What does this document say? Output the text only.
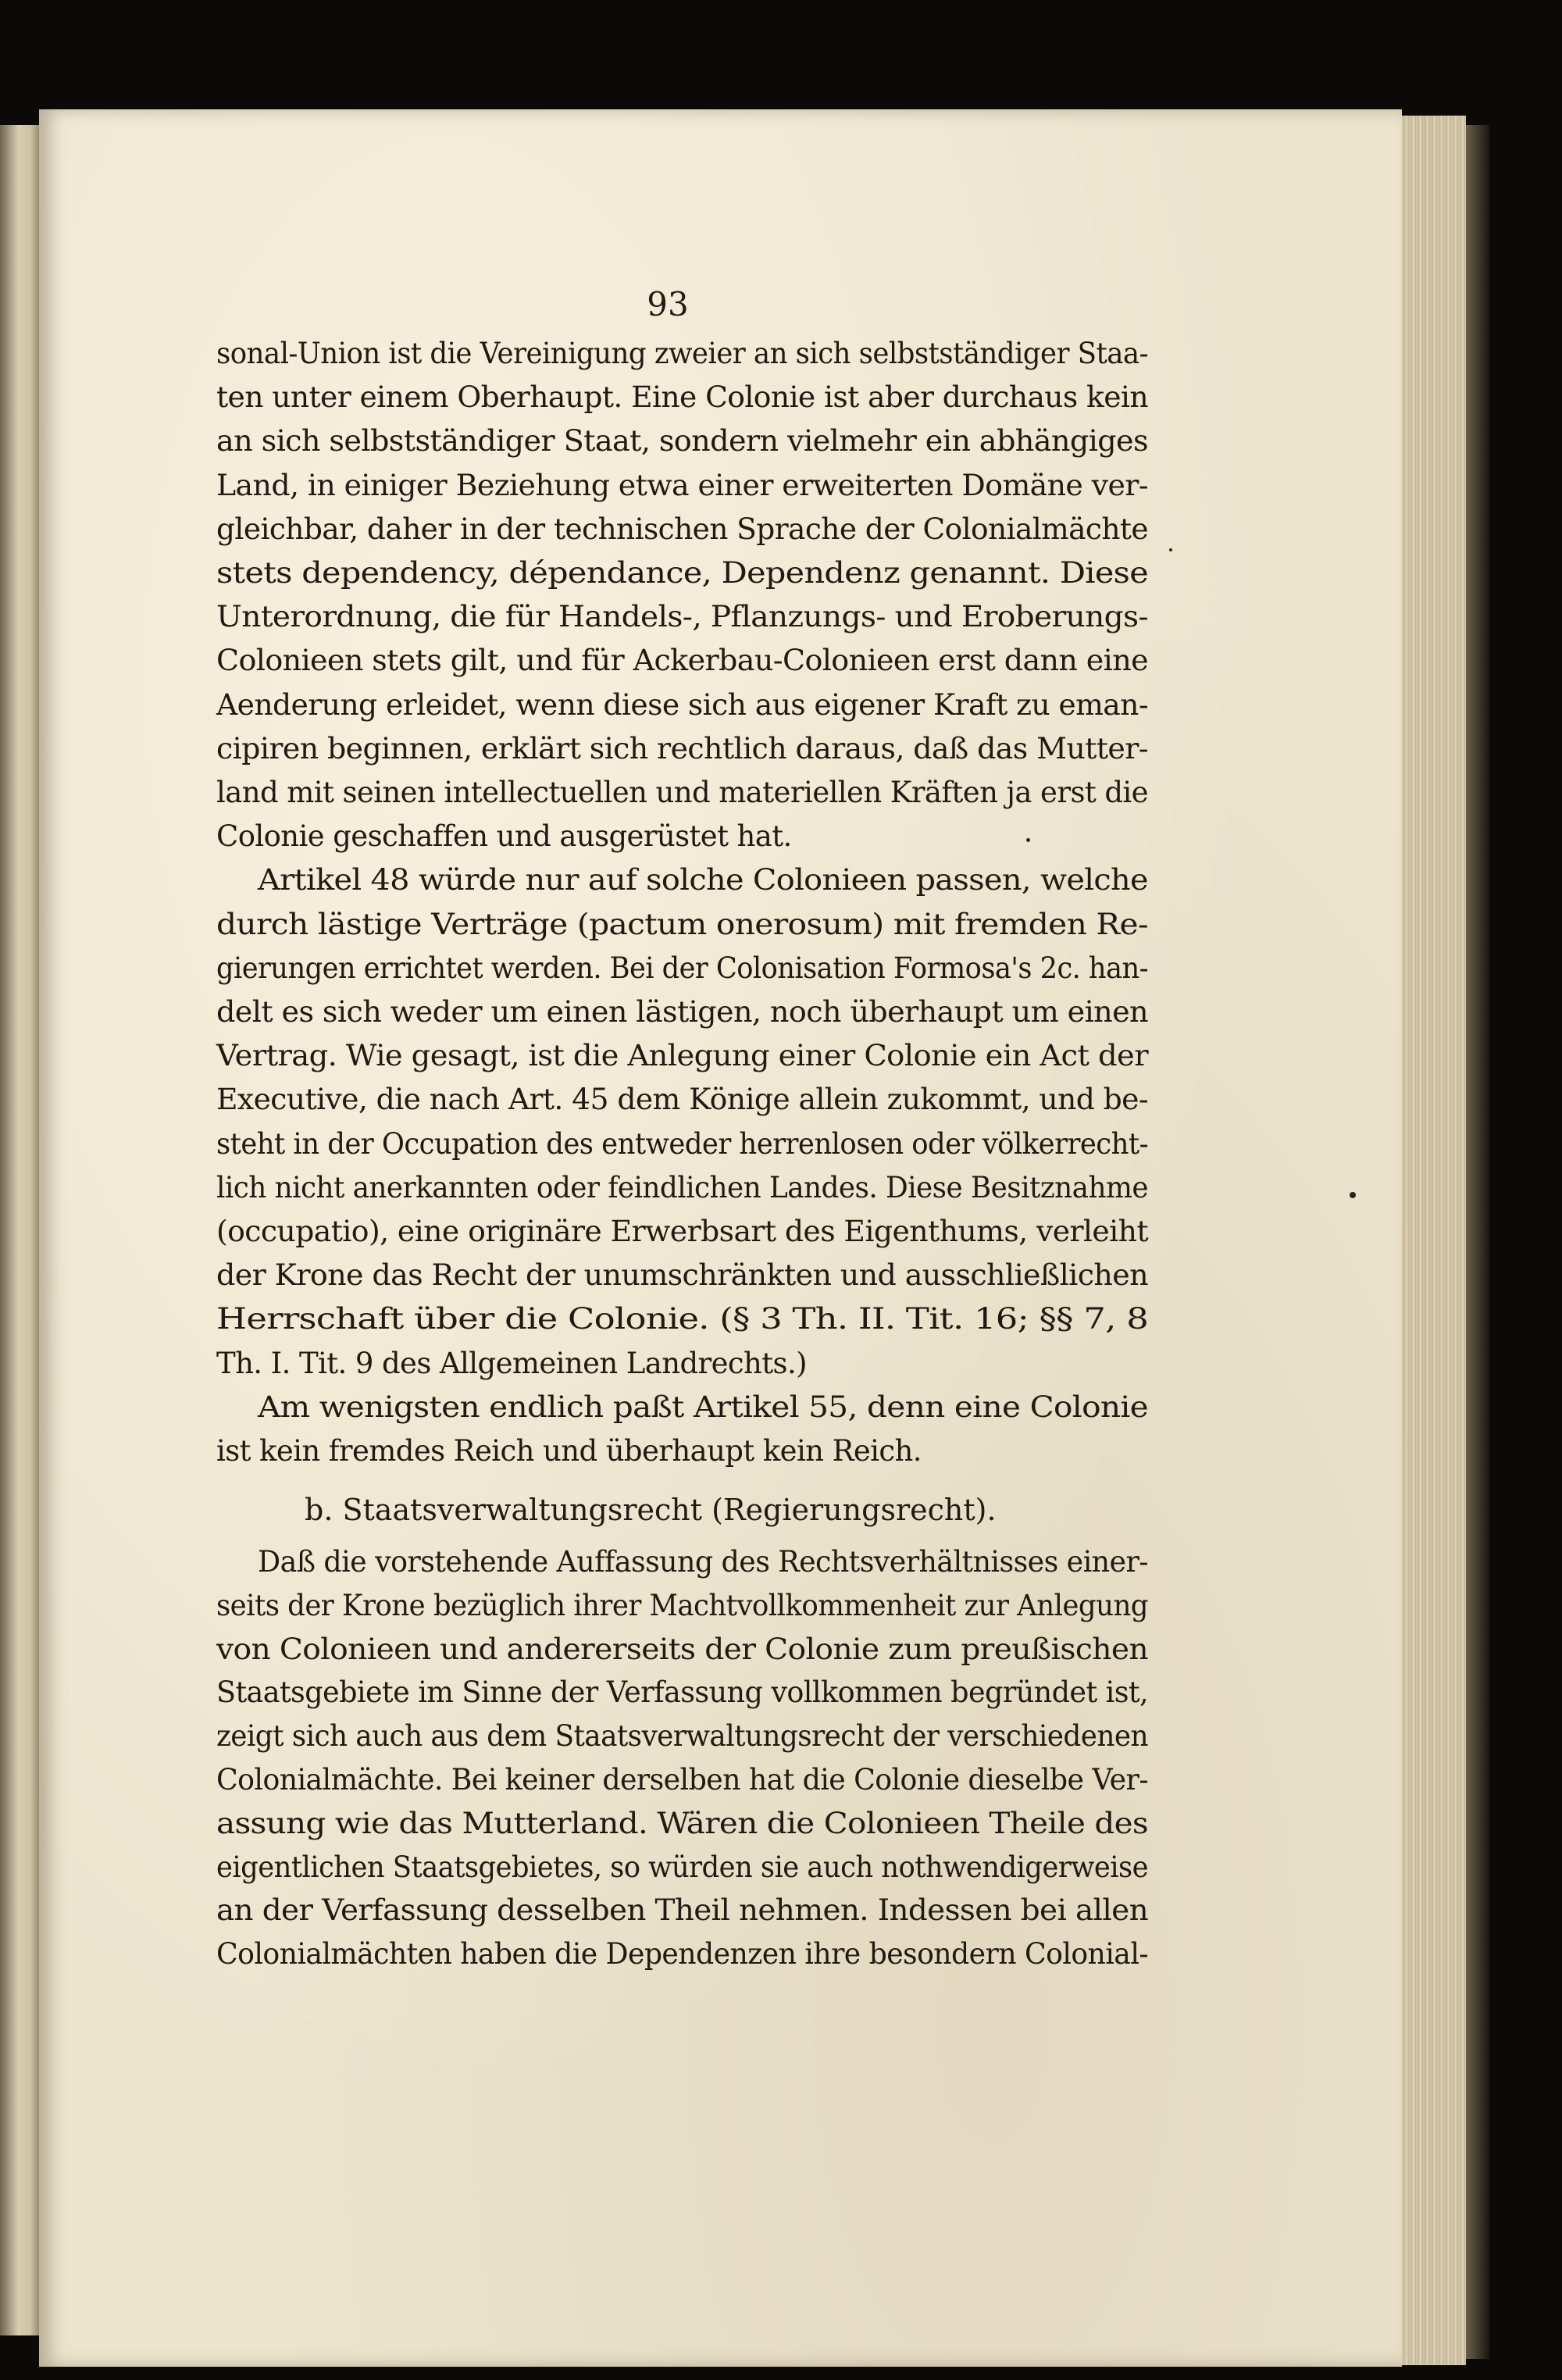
93
sonal-Union ist die Vereinigung zweier an sich selbstständiger Staa-
ten unter einem Oberhaupt. Eine Colonie ist aber durchaus kein
an sich selbstständiger Staat, sondern vielmehr ein abhängiges
Land, in einiger Beziehung etwa einer erweiterten Domäne ver-
gleichbar, daher in der technischen Sprache der Colonialmächte
stets dependency, dépendance, Dependenz genannt. Diese
Unterordnung, die für Handels-, Pflanzungs- und Eroberungs-
Colonieen stets gilt, und für Ackerbau-Colonieen erst dann eine
Aenderung erleidet, wenn diese sich aus eigener Kraft zu eman-
cipiren beginnen, erklärt sich rechtlich daraus, daß das Mutter-
land mit seinen intellectuellen und materiellen Kräften ja erst die
Colonie geschaffen und ausgerüstet hat.
Artikel 48 würde nur auf solche Colonieen passen, welche
durch lästige Verträge (pactum onerosum) mit fremden Re-
gierungen errichtet werden. Bei der Colonisation Formosa's 2c. han-
delt es sich weder um einen lästigen, noch überhaupt um einen
Vertrag. Wie gesagt, ist die Anlegung einer Colonie ein Act der
Executive, die nach Art. 45 dem Könige allein zukommt, und be-
steht in der Occupation des entweder herrenlosen oder völkerrecht-
lich nicht anerkannten oder feindlichen Landes. Diese Besitznahme
(occupatio), eine originäre Erwerbsart des Eigenthums, verleiht
der Krone das Recht der unumschränkten und ausschließlichen
Herrschaft über die Colonie. (§ 3 Th. II. Tit. 16; §§ 7, 8
Th. I. Tit. 9 des Allgemeinen Landrechts.)
Am wenigsten endlich paßt Artikel 55, denn eine Colonie
ist kein fremdes Reich und überhaupt kein Reich.
b. Staatsverwaltungsrecht (Regierungsrecht).
Daß die vorstehende Auffassung des Rechtsverhältnisses einer-
seits der Krone bezüglich ihrer Machtvollkommenheit zur Anlegung
von Colonieen und andererseits der Colonie zum preußischen
Staatsgebiete im Sinne der Verfassung vollkommen begründet ist,
zeigt sich auch aus dem Staatsverwaltungsrecht der verschiedenen
Colonialmächte. Bei keiner derselben hat die Colonie dieselbe Ver-
assung wie das Mutterland. Wären die Colonieen Theile des
eigentlichen Staatsgebietes, so würden sie auch nothwendigerweise
an der Verfassung desselben Theil nehmen. Indessen bei allen
Colonialmächten haben die Dependenzen ihre besondern Colonial-
